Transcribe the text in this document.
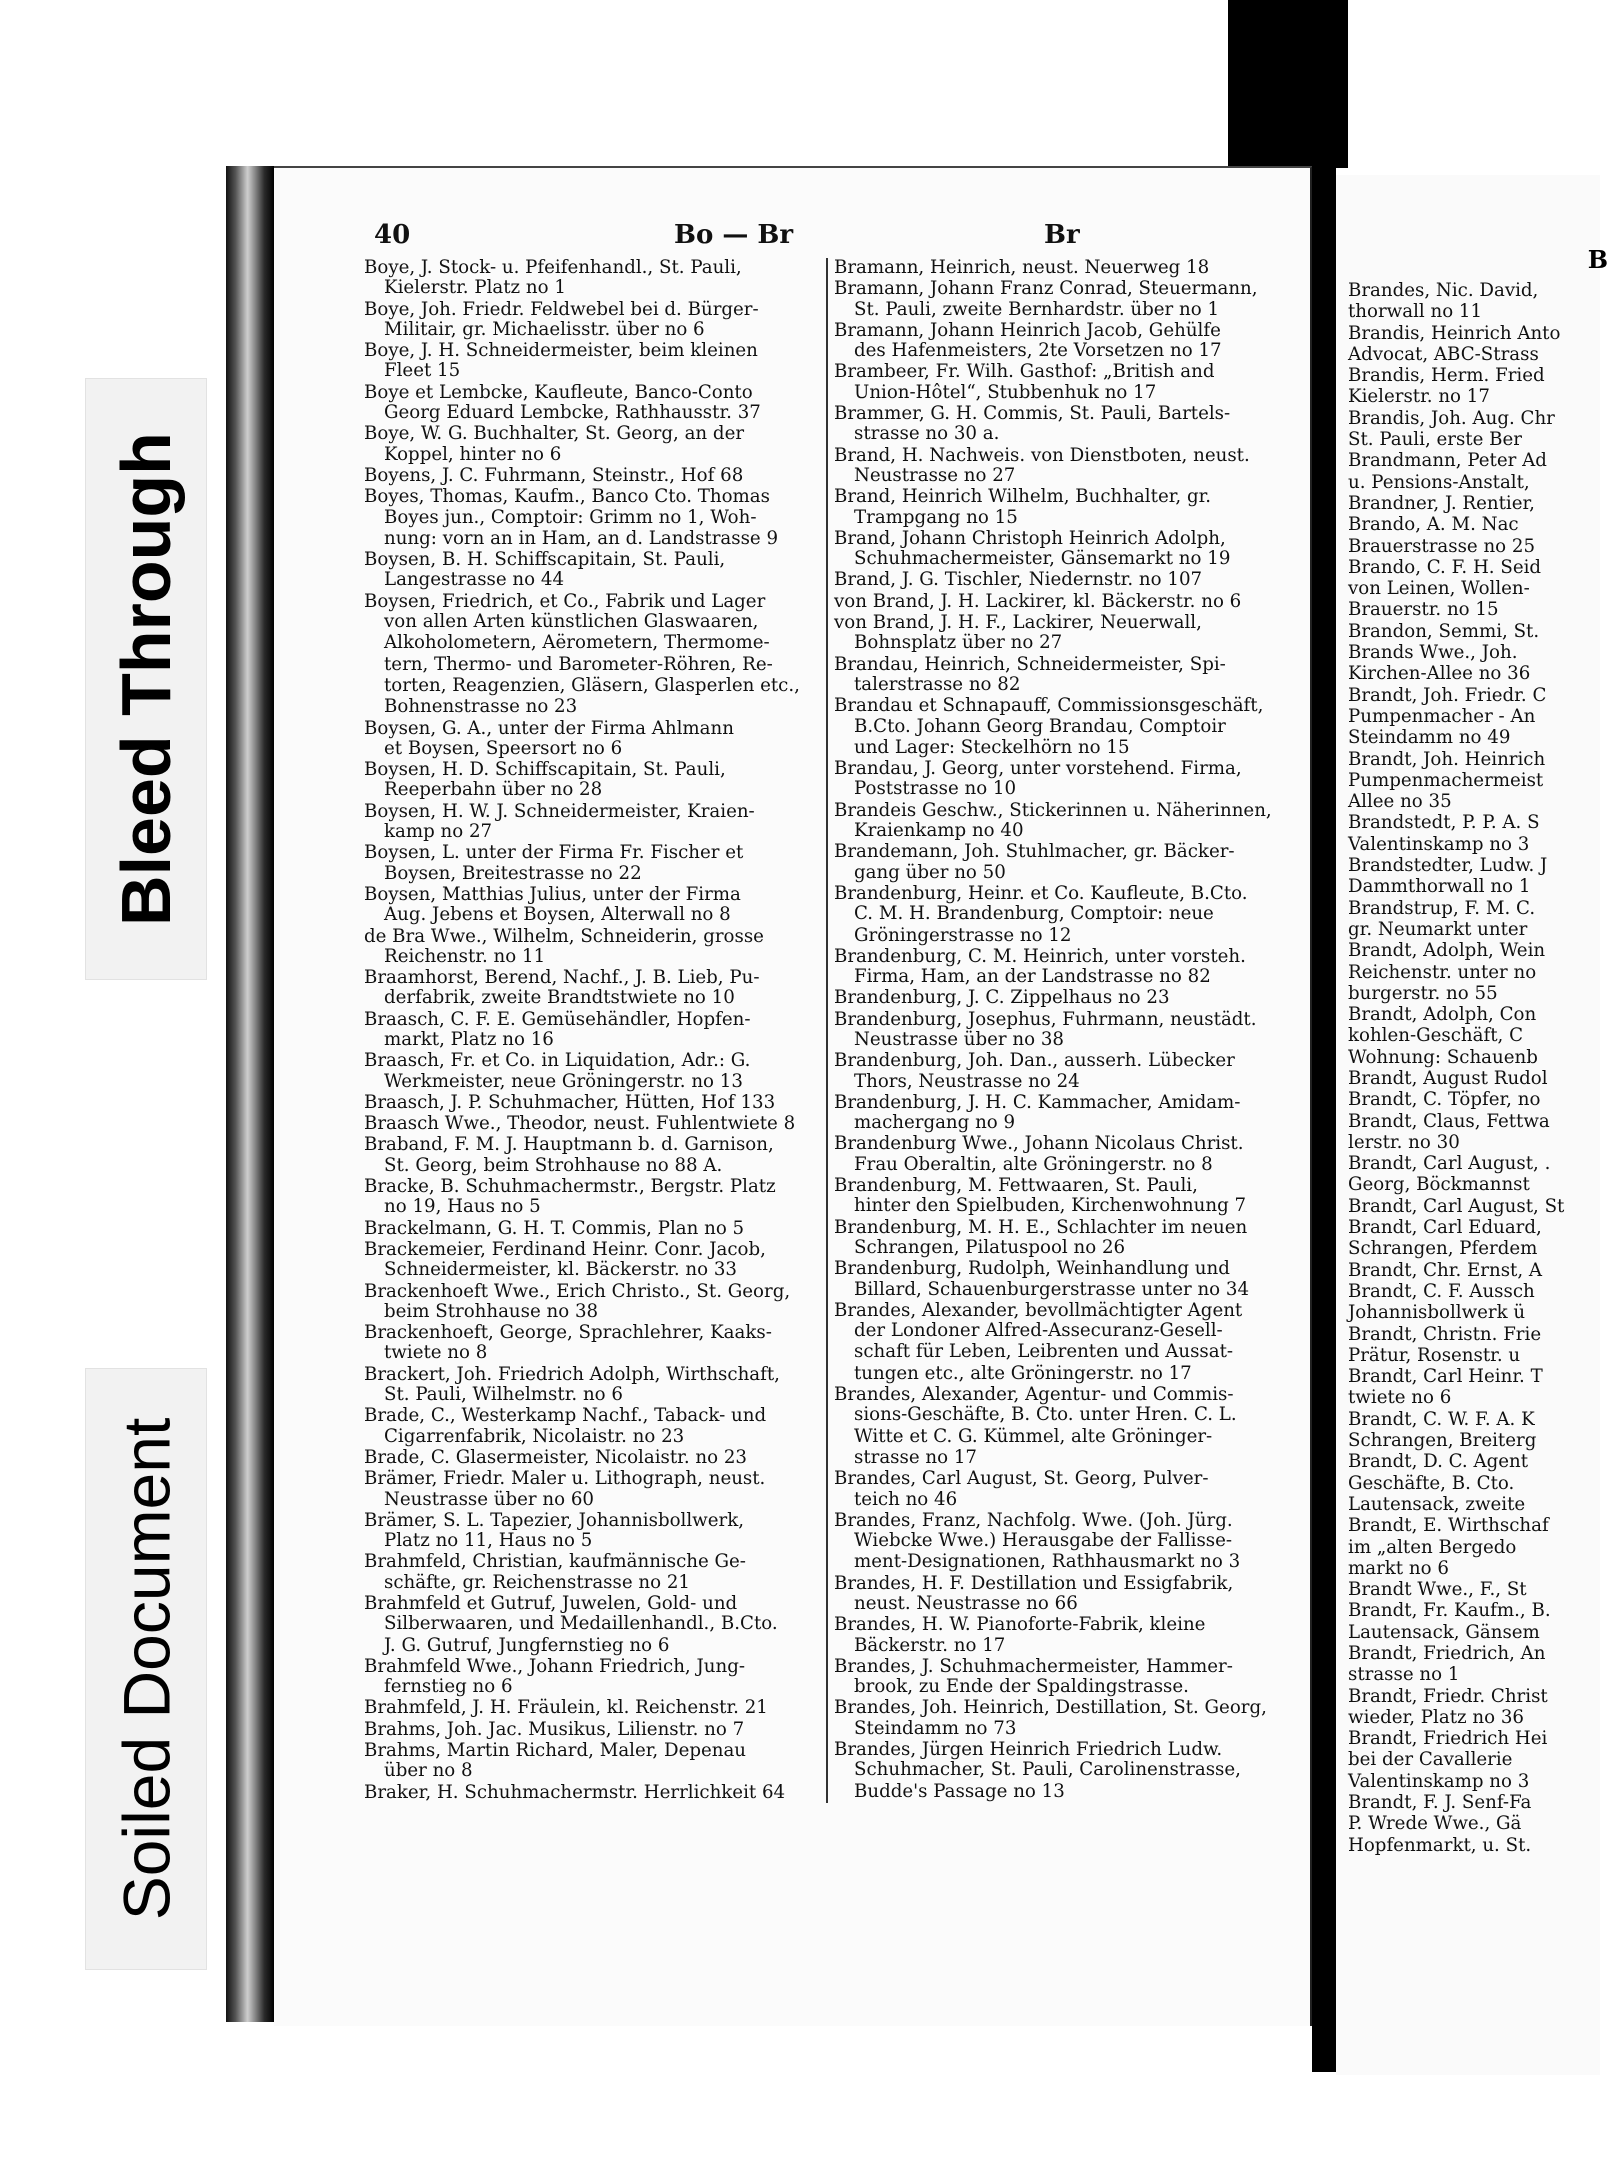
Bleed Through
Soiled Document
40	Bo — Br	Br
Boye, J. Stock- u. Pfeifenhandl., St. Pauli,
Kielerstr. Platz no 1
Boye, Joh. Friedr. Feldwebel bei d. Bürger-
Militair, gr. Michaelisstr. über no 6
Boye, J. H. Schneidermeister, beim kleinen
Fleet 15
Boye et Lembcke, Kaufleute, Banco-Conto
Georg Eduard Lembcke, Rathhausstr. 37
Boye, W. G. Buchhalter, St. Georg, an der
Koppel, hinter no 6
Boyens, J. C. Fuhrmann, Steinstr., Hof 68
Boyes, Thomas, Kaufm., Banco Cto. Thomas
Boyes jun., Comptoir: Grimm no 1, Woh-
nung: vorn an in Ham, an d. Landstrasse 9
Boysen, B. H. Schiffscapitain, St. Pauli,
Langestrasse no 44
Boysen, Friedrich, et Co., Fabrik und Lager
von allen Arten künstlichen Glaswaaren,
Alkoholometern, Aërometern, Thermome-
tern, Thermo- und Barometer-Röhren, Re-
torten, Reagenzien, Gläsern, Glasperlen etc.,
Bohnenstrasse no 23
Boysen, G. A., unter der Firma Ahlmann
et Boysen, Speersort no 6
Boysen, H. D. Schiffscapitain, St. Pauli,
Reeperbahn über no 28
Boysen, H. W. J. Schneidermeister, Kraien-
kamp no 27
Boysen, L. unter der Firma Fr. Fischer et
Boysen, Breitestrasse no 22
Boysen, Matthias Julius, unter der Firma
Aug. Jebens et Boysen, Alterwall no 8
de Bra Wwe., Wilhelm, Schneiderin, grosse
Reichenstr. no 11
Braamhorst, Berend, Nachf., J. B. Lieb, Pu-
derfabrik, zweite Brandtstwiete no 10
Braasch, C. F. E. Gemüsehändler, Hopfen-
markt, Platz no 16
Braasch, Fr. et Co. in Liquidation, Adr.: G.
Werkmeister, neue Gröningerstr. no 13
Braasch, J. P. Schuhmacher, Hütten, Hof 133
Braasch Wwe., Theodor, neust. Fuhlentwiete 8
Braband, F. M. J. Hauptmann b. d. Garnison,
St. Georg, beim Strohhause no 88 A.
Bracke, B. Schuhmachermstr., Bergstr. Platz
no 19, Haus no 5
Brackelmann, G. H. T. Commis, Plan no 5
Brackemeier, Ferdinand Heinr. Conr. Jacob,
Schneidermeister, kl. Bäckerstr. no 33
Brackenhoeft Wwe., Erich Christo., St. Georg,
beim Strohhause no 38
Brackenhoeft, George, Sprachlehrer, Kaaks-
twiete no 8
Brackert, Joh. Friedrich Adolph, Wirthschaft,
St. Pauli, Wilhelmstr. no 6
Brade, C., Westerkamp Nachf., Taback- und
Cigarrenfabrik, Nicolaistr. no 23
Brade, C. Glasermeister, Nicolaistr. no 23
Brämer, Friedr. Maler u. Lithograph, neust.
Neustrasse über no 60
Brämer, S. L. Tapezier, Johannisbollwerk,
Platz no 11, Haus no 5
Brahmfeld, Christian, kaufmännische Ge-
schäfte, gr. Reichenstrasse no 21
Brahmfeld et Gutruf, Juwelen, Gold- und
Silberwaaren, und Medaillenhandl., B.Cto.
J. G. Gutruf, Jungfernstieg no 6
Brahmfeld Wwe., Johann Friedrich, Jung-
fernstieg no 6
Brahmfeld, J. H. Fräulein, kl. Reichenstr. 21
Brahms, Joh. Jac. Musikus, Lilienstr. no 7
Brahms, Martin Richard, Maler, Depenau
über no 8
Braker, H. Schuhmachermstr. Herrlichkeit 64
Bramann, Heinrich, neust. Neuerweg 18
Bramann, Johann Franz Conrad, Steuermann,
St. Pauli, zweite Bernhardstr. über no 1
Bramann, Johann Heinrich Jacob, Gehülfe
des Hafenmeisters, 2te Vorsetzen no 17
Brambeer, Fr. Wilh. Gasthof: „British and
Union-Hôtel“, Stubbenhuk no 17
Brammer, G. H. Commis, St. Pauli, Bartels-
strasse no 30 a.
Brand, H. Nachweis. von Dienstboten, neust.
Neustrasse no 27
Brand, Heinrich Wilhelm, Buchhalter, gr.
Trampgang no 15
Brand, Johann Christoph Heinrich Adolph,
Schuhmachermeister, Gänsemarkt no 19
Brand, J. G. Tischler, Niedernstr. no 107
von Brand, J. H. Lackirer, kl. Bäckerstr. no 6
von Brand, J. H. F., Lackirer, Neuerwall,
Bohnsplatz über no 27
Brandau, Heinrich, Schneidermeister, Spi-
talerstrasse no 82
Brandau et Schnapauff, Commissionsgeschäft,
B.Cto. Johann Georg Brandau, Comptoir
und Lager: Steckelhörn no 15
Brandau, J. Georg, unter vorstehend. Firma,
Poststrasse no 10
Brandeis Geschw., Stickerinnen u. Näherinnen,
Kraienkamp no 40
Brandemann, Joh. Stuhlmacher, gr. Bäcker-
gang über no 50
Brandenburg, Heinr. et Co. Kaufleute, B.Cto.
C. M. H. Brandenburg, Comptoir: neue
Gröningerstrasse no 12
Brandenburg, C. M. Heinrich, unter vorsteh.
Firma, Ham, an der Landstrasse no 82
Brandenburg, J. C. Zippelhaus no 23
Brandenburg, Josephus, Fuhrmann, neustädt.
Neustrasse über no 38
Brandenburg, Joh. Dan., ausserh. Lübecker
Thors, Neustrasse no 24
Brandenburg, J. H. C. Kammacher, Amidam-
machergang no 9
Brandenburg Wwe., Johann Nicolaus Christ.
Frau Oberaltin, alte Gröningerstr. no 8
Brandenburg, M. Fettwaaren, St. Pauli,
hinter den Spielbuden, Kirchenwohnung 7
Brandenburg, M. H. E., Schlachter im neuen
Schrangen, Pilatuspool no 26
Brandenburg, Rudolph, Weinhandlung und
Billard, Schauenburgerstrasse unter no 34
Brandes, Alexander, bevollmächtigter Agent
der Londoner Alfred-Assecuranz-Gesell-
schaft für Leben, Leibrenten und Aussat-
tungen etc., alte Gröningerstr. no 17
Brandes, Alexander, Agentur- und Commis-
sions-Geschäfte, B. Cto. unter Hren. C. L.
Witte et C. G. Kümmel, alte Gröninger-
strasse no 17
Brandes, Carl August, St. Georg, Pulver-
teich no 46
Brandes, Franz, Nachfolg. Wwe. (Joh. Jürg.
Wiebcke Wwe.) Herausgabe der Fallisse-
ment-Designationen, Rathhausmarkt no 3
Brandes, H. F. Destillation und Essigfabrik,
neust. Neustrasse no 66
Brandes, H. W. Pianoforte-Fabrik, kleine
Bäckerstr. no 17
Brandes, J. Schuhmachermeister, Hammer-
brook, zu Ende der Spaldingstrasse.
Brandes, Joh. Heinrich, Destillation, St. Georg,
Steindamm no 73
Brandes, Jürgen Heinrich Friedrich Ludw.
Schuhmacher, St. Pauli, Carolinenstrasse,
Budde's Passage no 13
B
Brandes, Nic. David,
thorwall no 11
Brandis, Heinrich Anto
Advocat, ABC-Strass
Brandis, Herm. Fried
Kielerstr. no 17
Brandis, Joh. Aug. Chr
St. Pauli, erste Ber
Brandmann, Peter Ad
u. Pensions-Anstalt,
Brandner, J. Rentier,
Brando, A. M. Nac
Brauerstrasse no 25
Brando, C. F. H. Seid
von Leinen, Wollen-
Brauerstr. no 15
Brandon, Semmi, St.
Brands Wwe., Joh.
Kirchen-Allee no 36
Brandt, Joh. Friedr. C
Pumpenmacher - An
Steindamm no 49
Brandt, Joh. Heinrich
Pumpenmachermeist
Allee no 35
Brandstedt, P. P. A. S
Valentinskamp no 3
Brandstedter, Ludw. J
Dammthorwall no 1
Brandstrup, F. M. C.
gr. Neumarkt unter
Brandt, Adolph, Wein
Reichenstr. unter no
burgerstr. no 55
Brandt, Adolph, Con
kohlen-Geschäft, C
Wohnung: Schauenb
Brandt, August Rudol
Brandt, C. Töpfer, no
Brandt, Claus, Fettwa
lerstr. no 30
Brandt, Carl August, .
Georg, Böckmannst
Brandt, Carl August, St
Brandt, Carl Eduard,
Schrangen, Pferdem
Brandt, Chr. Ernst, A
Brandt, C. F. Aussch
Johannisbollwerk ü
Brandt, Christn. Frie
Prätur, Rosenstr. u
Brandt, Carl Heinr. T
twiete no 6
Brandt, C. W. F. A. K
Schrangen, Breiterg
Brandt, D. C. Agent
Geschäfte, B. Cto.
Lautensack, zweite
Brandt, E. Wirthschaf
im „alten Bergedo
markt no 6
Brandt Wwe., F., St
Brandt, Fr. Kaufm., B.
Lautensack, Gänsem
Brandt, Friedrich, An
strasse no 1
Brandt, Friedr. Christ
wieder, Platz no 36
Brandt, Friedrich Hei
bei der Cavallerie
Valentinskamp no 3
Brandt, F. J. Senf-Fa
P. Wrede Wwe., Gä
Hopfenmarkt, u. St.
